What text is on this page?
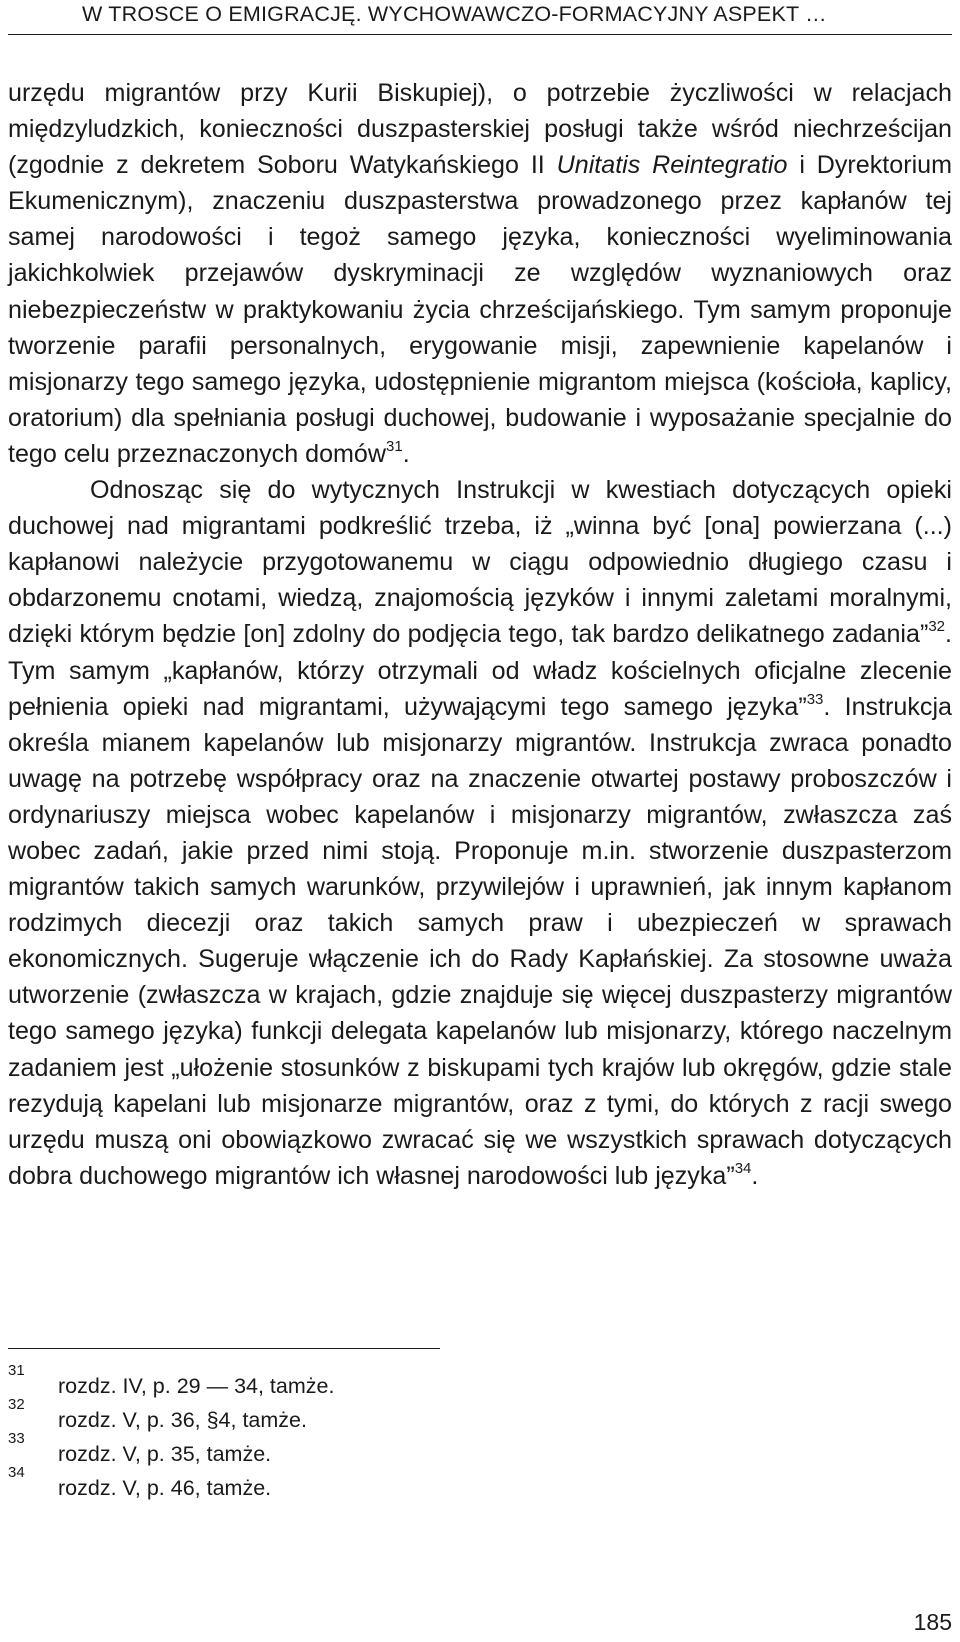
W TROSCE O EMIGRACJĘ. WYCHOWAWCZO-FORMACYJNY ASPEKT …

urzędu migrantów przy Kurii Biskupiej), o potrzebie życzliwości w relacjach międzyludzkich, konieczności duszpasterskiej posługi także wśród niechrześcijan (zgodnie z dekretem Soboru Watykańskiego II Unitatis Reintegratio i Dyrektorium Ekumenicznym), znaczeniu duszpasterstwa prowadzonego przez kapłanów tej samej narodowości i tegoż samego języka, konieczności wyeliminowania jakichkolwiek przejawów dyskryminacji ze względów wyznaniowych oraz niebezpieczeństw w praktykowaniu życia chrześcijańskiego. Tym samym proponuje tworzenie parafii personalnych, erygowanie misji, zapewnienie kapelanów i misjonarzy tego samego języka, udostępnienie migrantom miejsca (kościoła, kaplicy, oratorium) dla spełniania posługi duchowej, budowanie i wyposażanie specjalnie do tego celu przeznaczonych domów$^{31}$.

Odnosząc się do wytycznych Instrukcji w kwestiach dotyczących opieki duchowej nad migrantami podkreślić trzeba, iż „winna być [ona] powierzana (...) kapłanowi należycie przygotowanemu w ciągu odpowiednio długiego czasu i obdarzonemu cnotami, wiedzą, znajomością języków i innymi zaletami moralnymi, dzięki którym będzie [on] zdolny do podjęcia tego, tak bardzo delikatnego zadania”$^{32}$. Tym samym „kapłanów, którzy otrzymali od władz kościelnych oficjalne zlecenie pełnienia opieki nad migrantami, używającymi tego samego języka”$^{33}$. Instrukcja określa mianem kapelanów lub misjonarzy migrantów. Instrukcja zwraca ponadto uwagę na potrzebę współpracy oraz na znaczenie otwartej postawy proboszczów i ordynariuszy miejsca wobec kapelanów i misjonarzy migrantów, zwłaszcza zaś wobec zadań, jakie przed nimi stoją. Proponuje m.in. stworzenie duszpasterzom migrantów takich samych warunków, przywilejów i uprawnień, jak innym kapłanom rodzimych diecezji oraz takich samych praw i ubezpieczeń w sprawach ekonomicznych. Sugeruje włączenie ich do Rady Kapłańskiej. Za stosowne uważa utworzenie (zwłaszcza w krajach, gdzie znajduje się więcej duszpasterzy migrantów tego samego języka) funkcji delegata kapelanów lub misjonarzy, którego naczelnym zadaniem jest „ułożenie stosunków z biskupami tych krajów lub okręgów, gdzie stale rezydują kapelani lub misjonarze migrantów, oraz z tymi, do których z racji swego urzędu muszą oni obowiązkowo zwracać się we wszystkich sprawach dotyczących dobra duchowego migrantów ich własnej narodowości lub języka”$^{34}$.

31
rozdz. IV, p. 29 — 34, tamże.
32
rozdz. V, p. 36, §4, tamże.
33
rozdz. V, p. 35, tamże.
34
rozdz. V, p. 46, tamże.
185
